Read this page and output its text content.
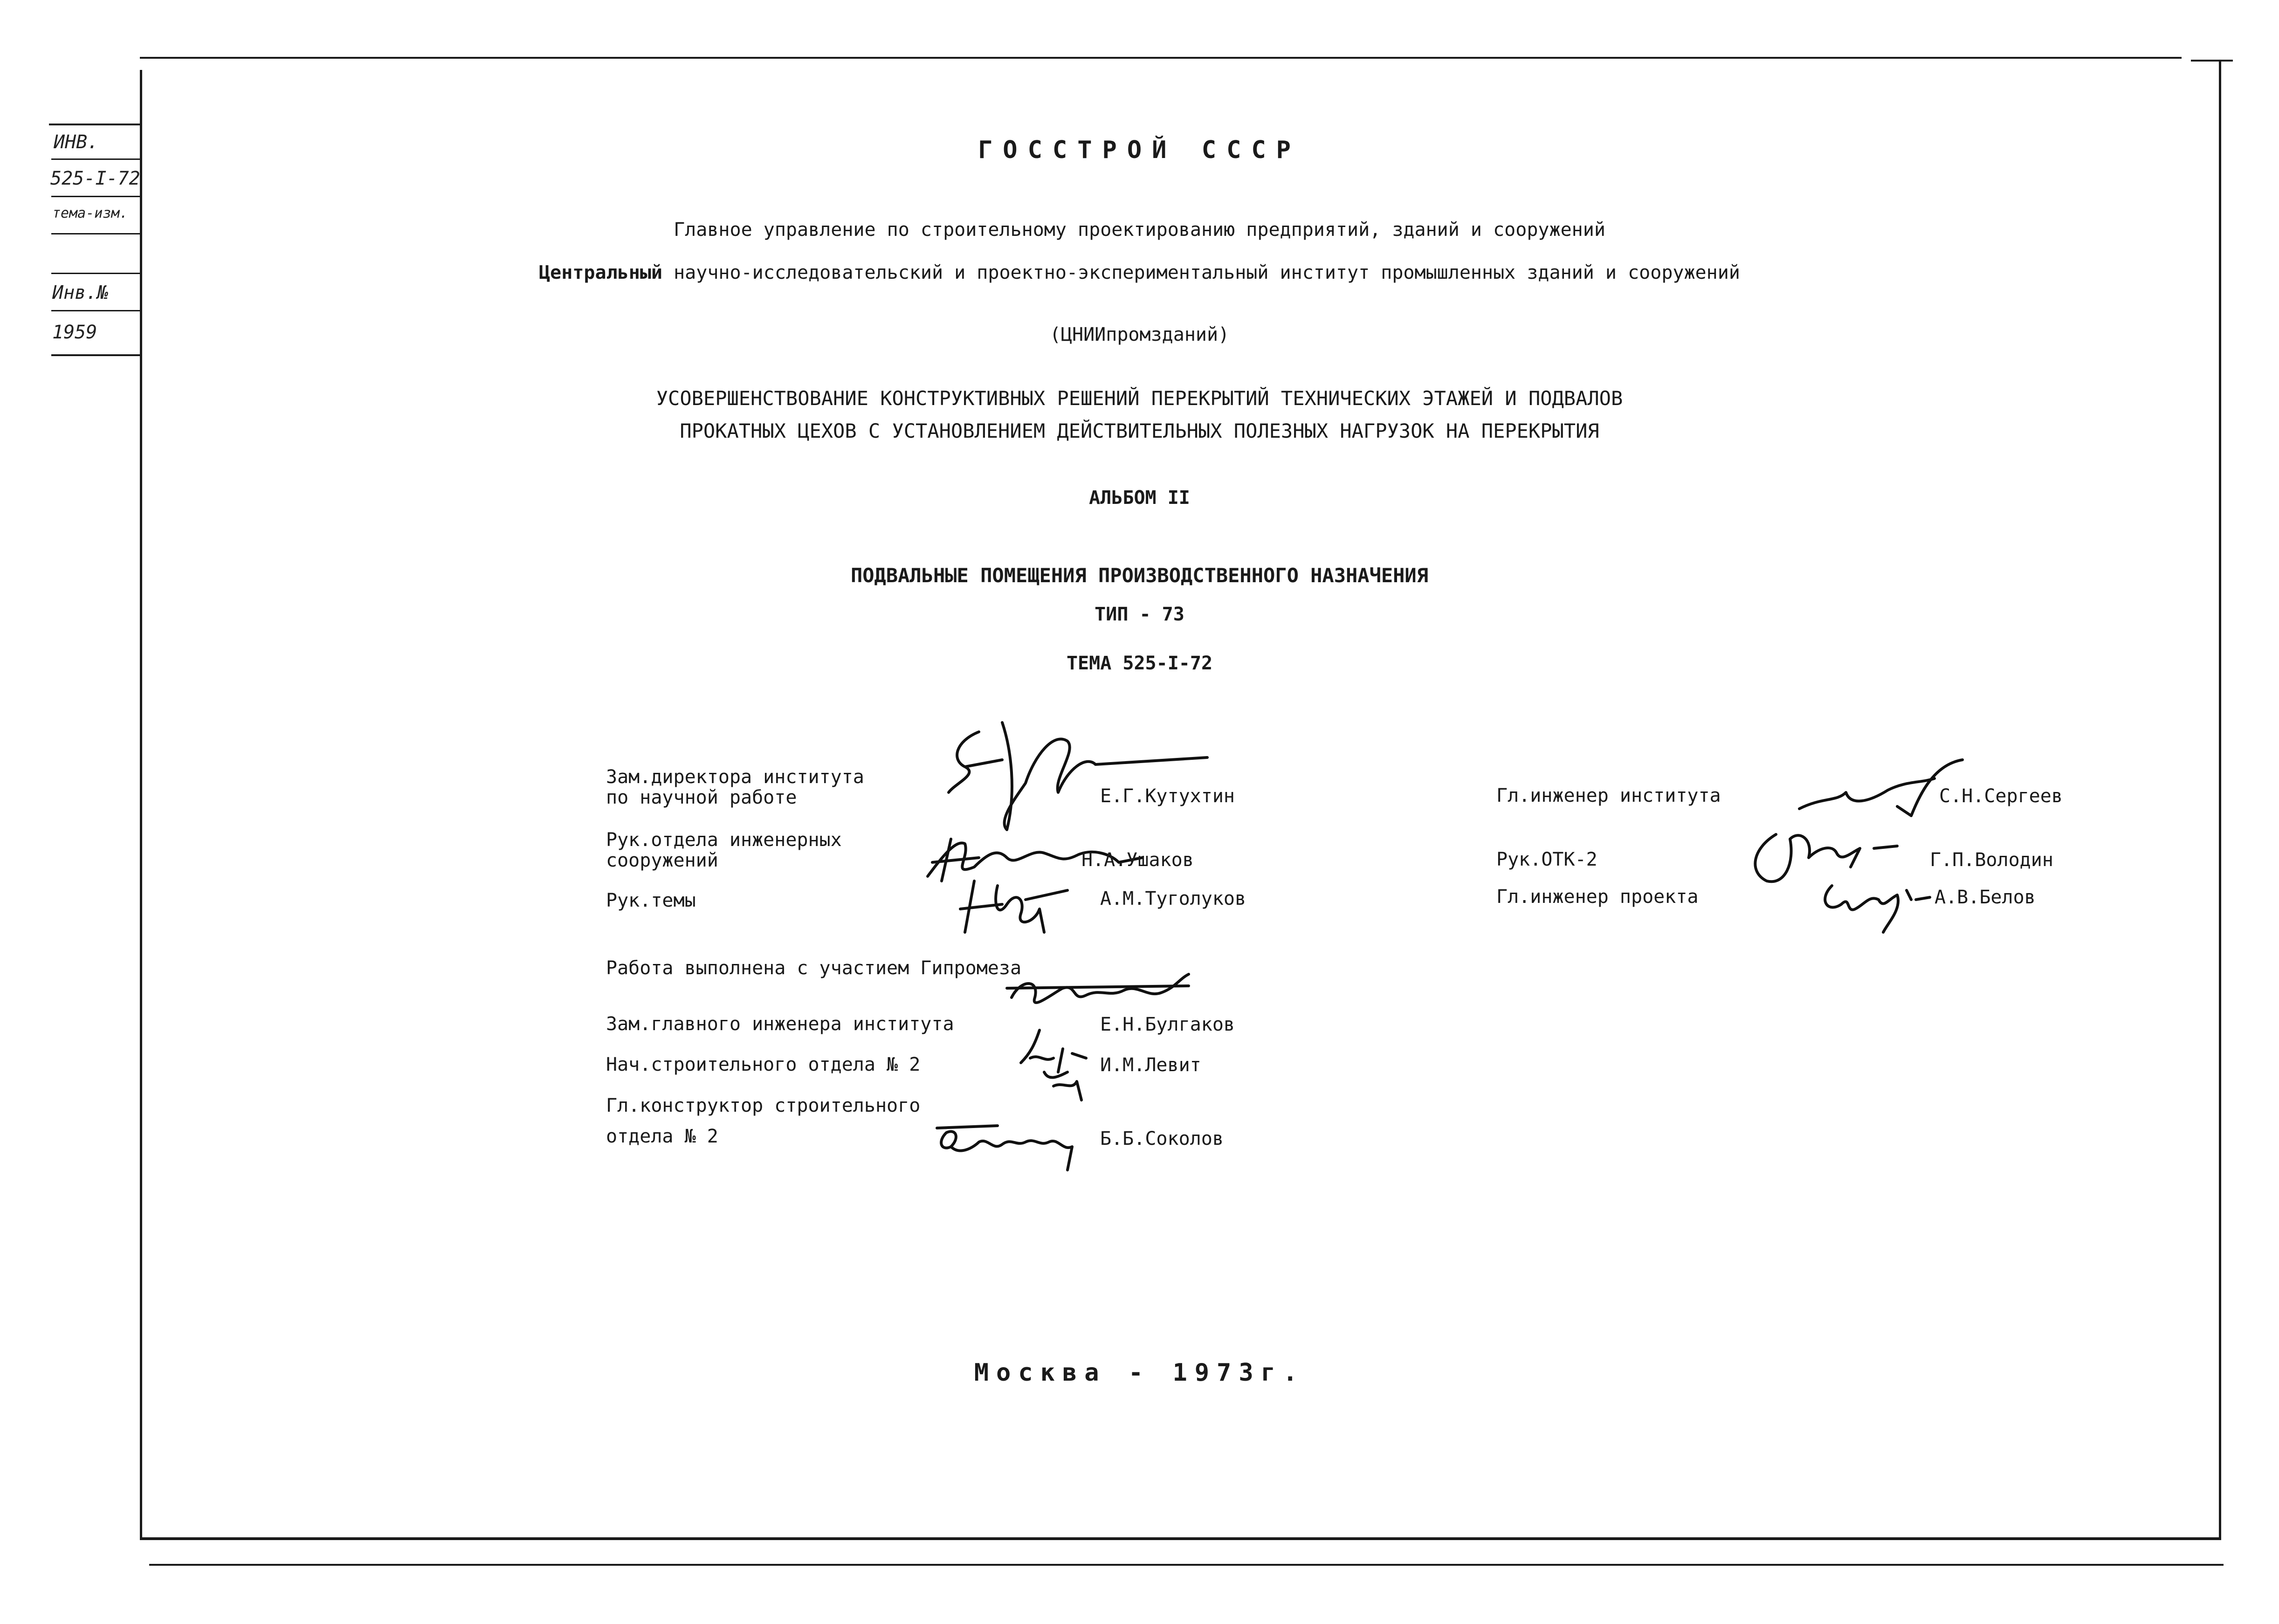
ИНВ.
525-I-72
тема-изм.
Инв.№
1959
ГОССТРОЙ СССР
Главное управление по строительному проектированию предприятий, зданий и сооружений
Центральный научно-исследовательский и проектно-экспериментальный институт промышленных зданий и сооружений
(ЦНИИпромзданий)
УСОВЕРШЕНСТВОВАНИЕ КОНСТРУКТИВНЫХ РЕШЕНИЙ ПЕРЕКРЫТИЙ ТЕХНИЧЕСКИХ ЭТАЖЕЙ И ПОДВАЛОВ
ПРОКАТНЫХ ЦЕХОВ С УСТАНОВЛЕНИЕМ ДЕЙСТВИТЕЛЬНЫХ ПОЛЕЗНЫХ НАГРУЗОК НА ПЕРЕКРЫТИЯ
АЛЬБОМ II
ПОДВАЛЬНЫЕ ПОМЕЩЕНИЯ ПРОИЗВОДСТВЕННОГО НАЗНАЧЕНИЯ
ТИП - 73
ТЕМА 525-I-72
Зам.директора института
по научной работе	Е.Г.Кутухтин
Рук.отдела инженерных
сооружений	Н.А.Ушаков
Рук.темы	А.М.Туголуков
Гл.инженер института	С.Н.Сергеев
Рук.ОТК-2	Г.П.Володин
Гл.инженер проекта	А.В.Белов
Работа выполнена с участием Гипромеза
Зам.главного инженера института	Е.Н.Булгаков
Нач.строительного отдела № 2	И.М.Левит
Гл.конструктор строительного
отдела № 2	Б.Б.Соколов
Москва - 1973г.
